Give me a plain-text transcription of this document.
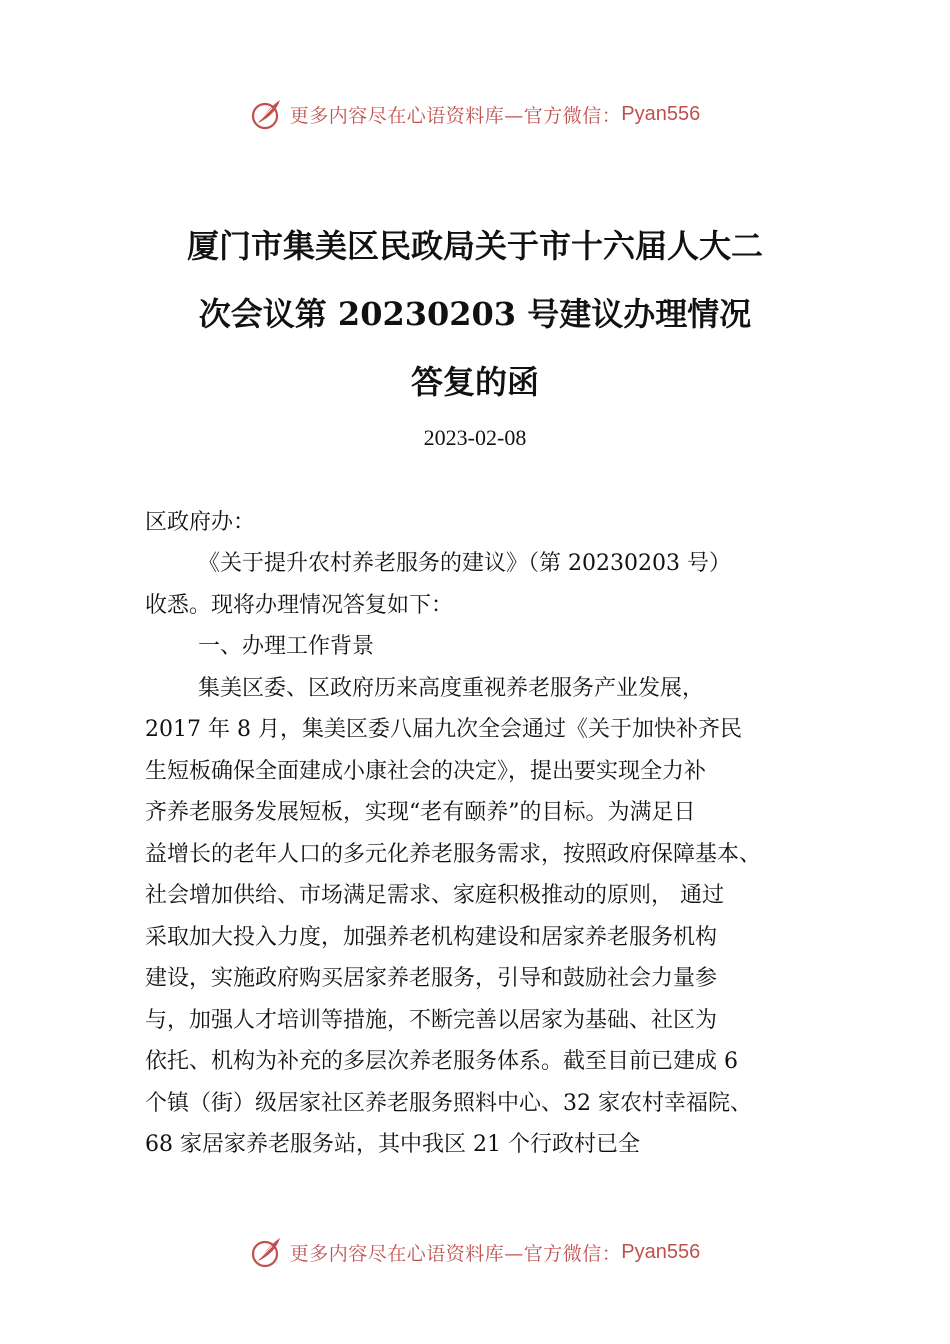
更多内容尽在心语资料库—官方微信： Pyan556
厦门市集美区民政局关于市十六届人大二
次会议第 20230203 号建议办理情况
答复的函
2023-02-08
区政府办：
《关于提升农村养老服务的建议》（第 20230203 号）
收悉。现将办理情况答复如下：
一、办理工作背景
集美区委、区政府历来高度重视养老服务产业发展，
2017 年 8 月，集美区委八届九次全会通过《关于加快补齐民
生短板确保全面建成小康社会的决定》，提出要实现全力补
齐养老服务发展短板，实现“老有颐养”的目标。为满足日
益增长的老年人口的多元化养老服务需求，按照政府保障基本、
社会增加供给、市场满足需求、家庭积极推动的原则， 通过
采取加大投入力度，加强养老机构建设和居家养老服务机构
建设，实施政府购买居家养老服务，引导和鼓励社会力量参
与，加强人才培训等措施，不断完善以居家为基础、社区为
依托、机构为补充的多层次养老服务体系。截至目前已建成 6
个镇（街）级居家社区养老服务照料中心、32 家农村幸福院、
68 家居家养老服务站，其中我区 21 个行政村已全
更多内容尽在心语资料库—官方微信： Pyan556
